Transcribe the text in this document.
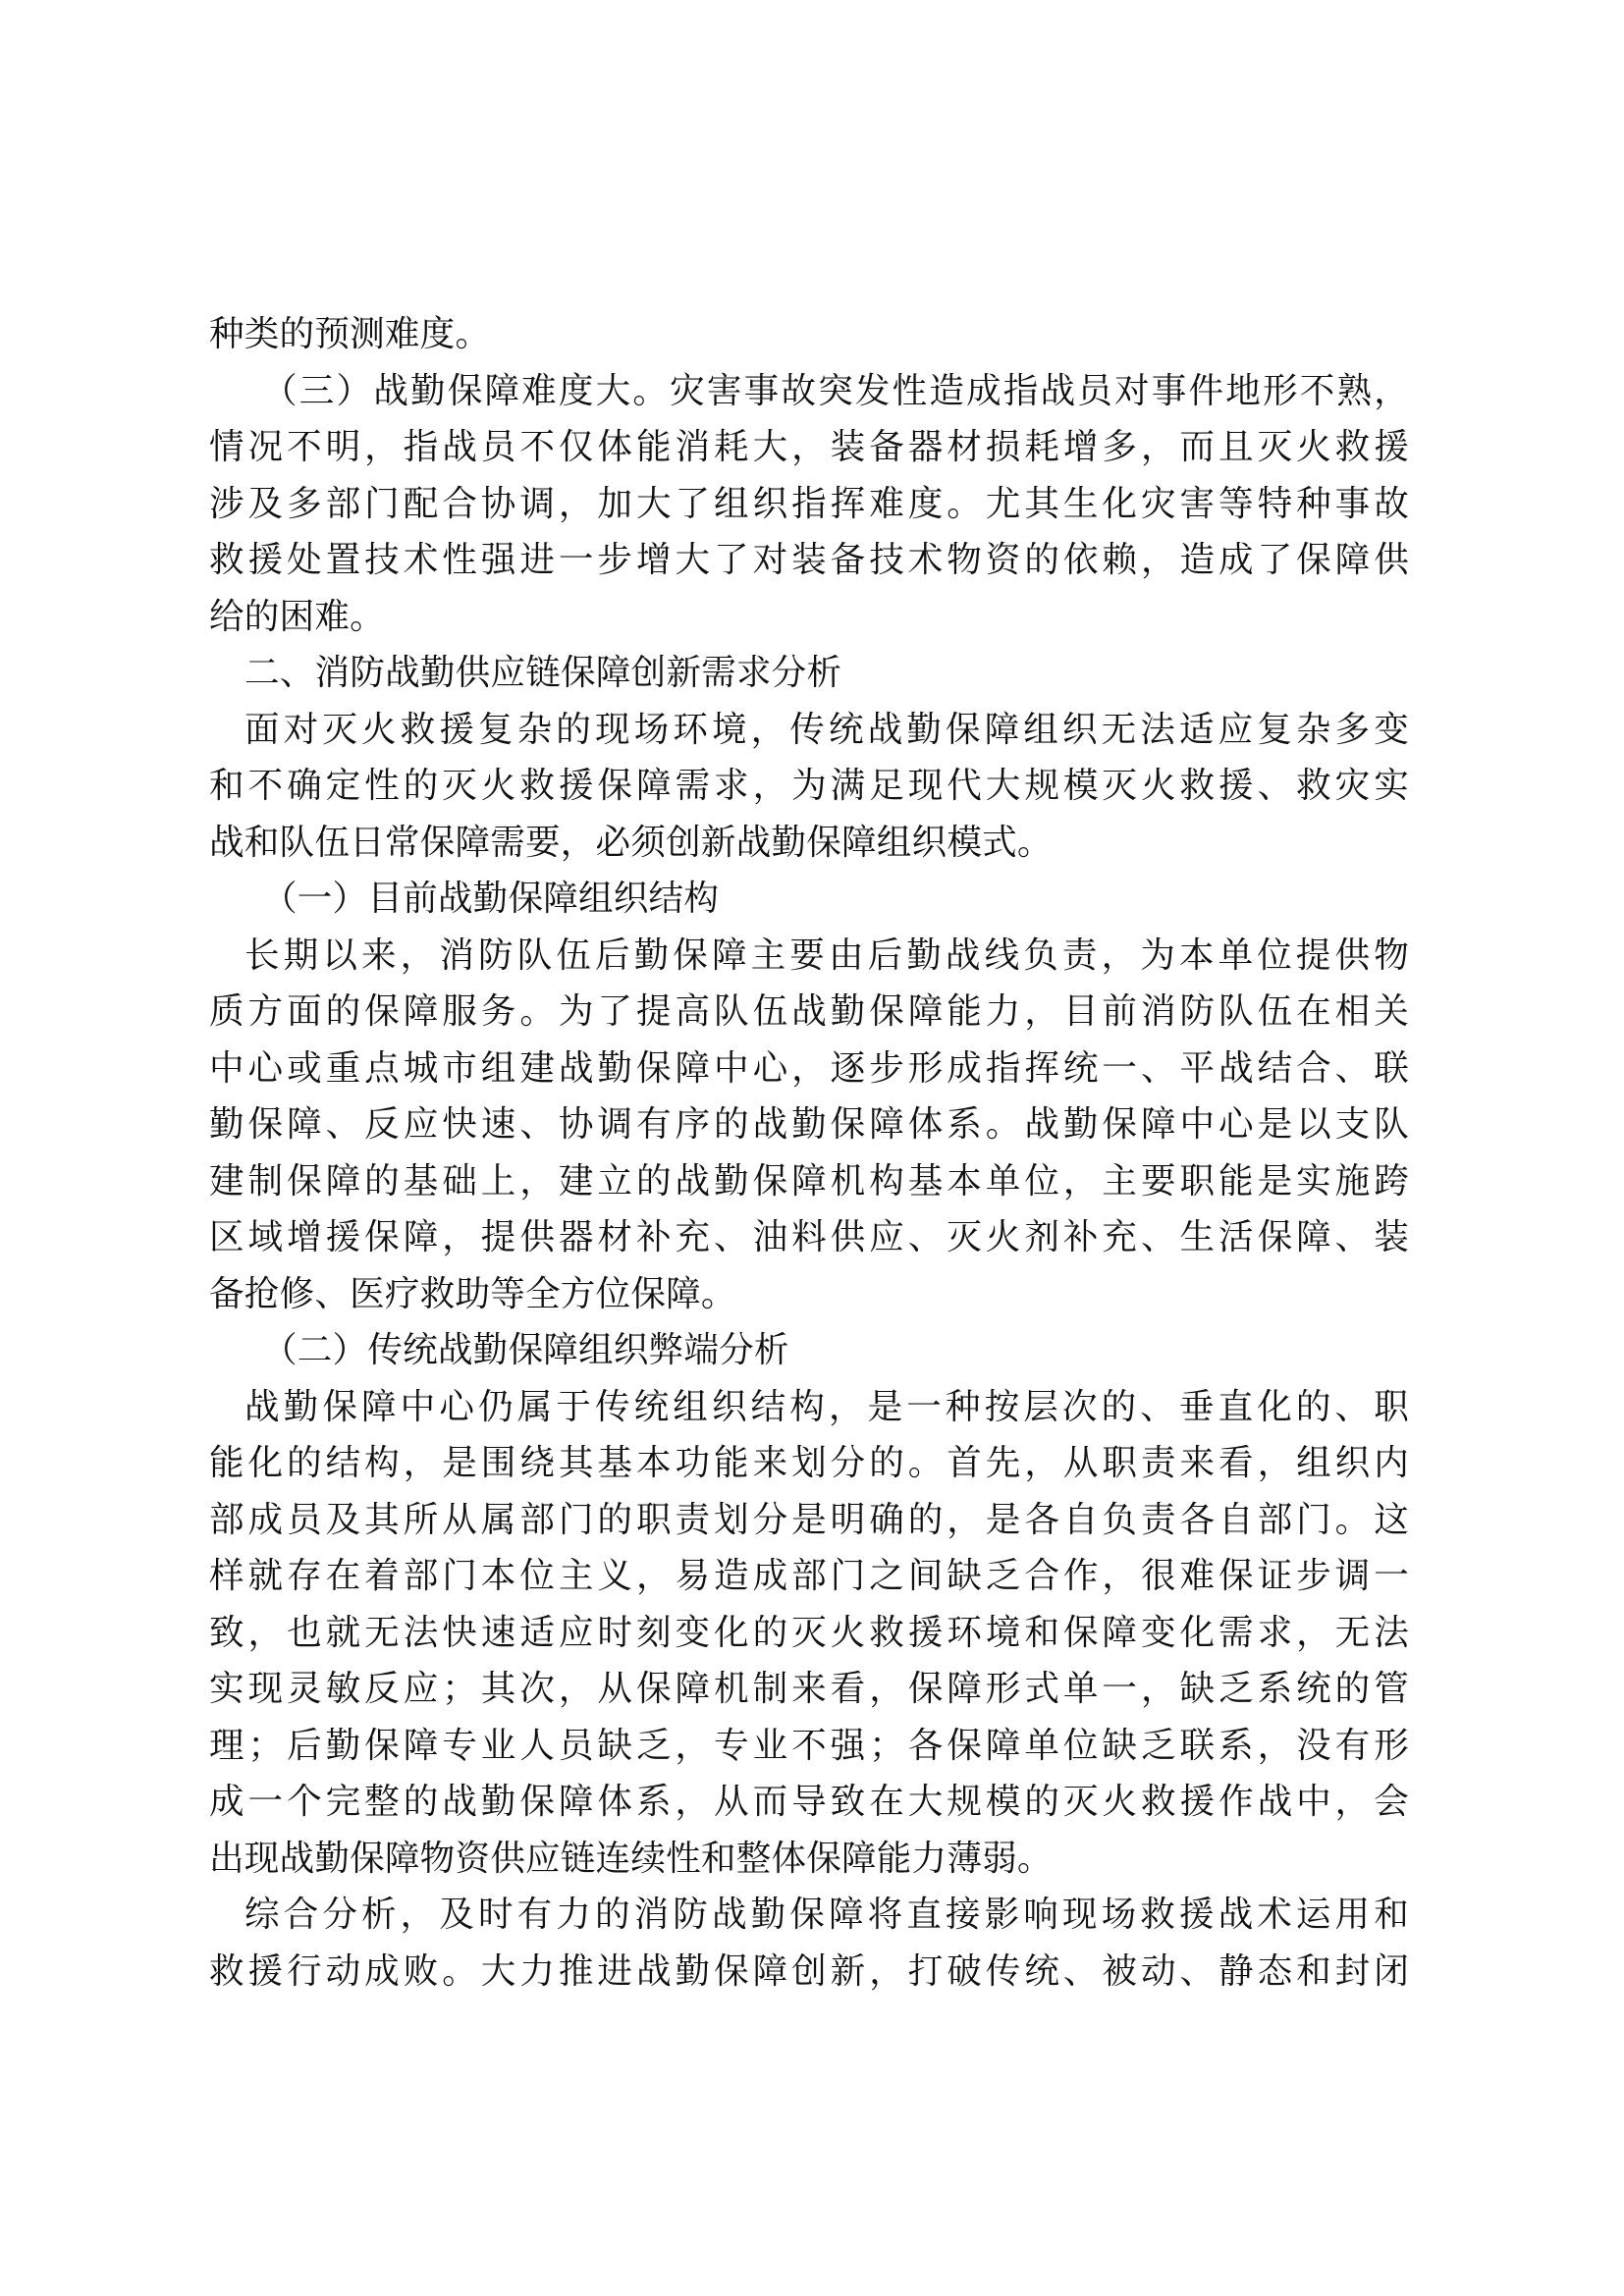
种类的预测难度。
（三）战勤保障难度大。灾害事故突发性造成指战员对事件地形不熟，
情况不明，指战员不仅体能消耗大，装备器材损耗增多，而且灭火救援
涉及多部门配合协调，加大了组织指挥难度。尤其生化灾害等特种事故
救援处置技术性强进一步增大了对装备技术物资的依赖，造成了保障供
给的困难。
二、消防战勤供应链保障创新需求分析
面对灭火救援复杂的现场环境，传统战勤保障组织无法适应复杂多变
和不确定性的灭火救援保障需求，为满足现代大规模灭火救援、救灾实
战和队伍日常保障需要，必须创新战勤保障组织模式。
（一）目前战勤保障组织结构
长期以来，消防队伍后勤保障主要由后勤战线负责，为本单位提供物
质方面的保障服务。为了提高队伍战勤保障能力，目前消防队伍在相关
中心或重点城市组建战勤保障中心，逐步形成指挥统一、平战结合、联
勤保障、反应快速、协调有序的战勤保障体系。战勤保障中心是以支队
建制保障的基础上，建立的战勤保障机构基本单位，主要职能是实施跨
区域增援保障，提供器材补充、油料供应、灭火剂补充、生活保障、装
备抢修、医疗救助等全方位保障。
（二）传统战勤保障组织弊端分析
战勤保障中心仍属于传统组织结构，是一种按层次的、垂直化的、职
能化的结构，是围绕其基本功能来划分的。首先，从职责来看，组织内
部成员及其所从属部门的职责划分是明确的，是各自负责各自部门。这
样就存在着部门本位主义，易造成部门之间缺乏合作，很难保证步调一
致，也就无法快速适应时刻变化的灭火救援环境和保障变化需求，无法
实现灵敏反应；其次，从保障机制来看，保障形式单一，缺乏系统的管
理；后勤保障专业人员缺乏，专业不强；各保障单位缺乏联系，没有形
成一个完整的战勤保障体系，从而导致在大规模的灭火救援作战中，会
出现战勤保障物资供应链连续性和整体保障能力薄弱。
综合分析，及时有力的消防战勤保障将直接影响现场救援战术运用和
救援行动成败。大力推进战勤保障创新，打破传统、被动、静态和封闭
